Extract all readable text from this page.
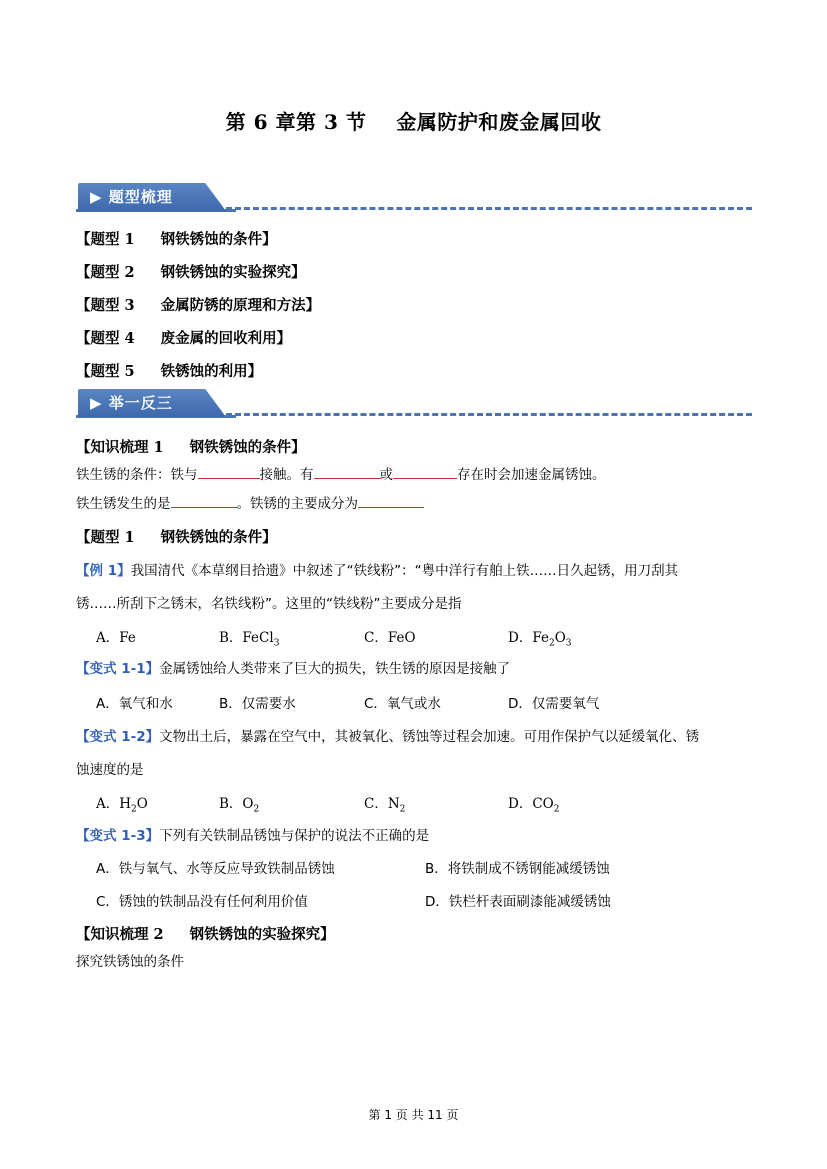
第 6 章第 3 节 金属防护和废金属回收
▶ 题型梳理
【题型 1 钢铁锈蚀的条件】
【题型 2 钢铁锈蚀的实验探究】
【题型 3 金属防锈的原理和方法】
【题型 4 废金属的回收利用】
【题型 5 铁锈蚀的利用】
▶ 举一反三
【知识梳理 1 钢铁锈蚀的条件】
铁生锈的条件：铁与	接触。有	或	存在时会加速金属锈蚀。
铁生锈发生的是	。铁锈的主要成分为
【题型 1 钢铁锈蚀的条件】
【例 1】我国清代《本草纲目拾遗》中叙述了“铁线粉”：“粤中洋行有舶上铁……日久起锈，用刀刮其
锈……所刮下之锈末，名铁线粉”。这里的“铁线粉”主要成分是指
A．Fe	B．FeCl$_3$	C．FeO	D．$Fe_2O_3$
【变式 1-1】金属锈蚀给人类带来了巨大的损失，铁生锈的原因是接触了
A．氧气和水	B．仅需要水	C．氧气或水	D．仅需要氧气
【变式 1-2】文物出土后，暴露在空气中，其被氧化、锈蚀等过程会加速。可用作保护气以延缓氧化、锈
蚀速度的是
A．$H_2O$	B．$O_2$	C．$N_2$	D．$CO_2$
【变式 1-3】下列有关铁制品锈蚀与保护的说法不正确的是
A．铁与氧气、水等反应导致铁制品锈蚀	B．将铁制成不锈钢能减缓锈蚀
C．锈蚀的铁制品没有任何利用价值	D．铁栏杆表面刷漆能减缓锈蚀
【知识梳理 2 钢铁锈蚀的实验探究】
探究铁锈蚀的条件
第 1 页 共 11 页
